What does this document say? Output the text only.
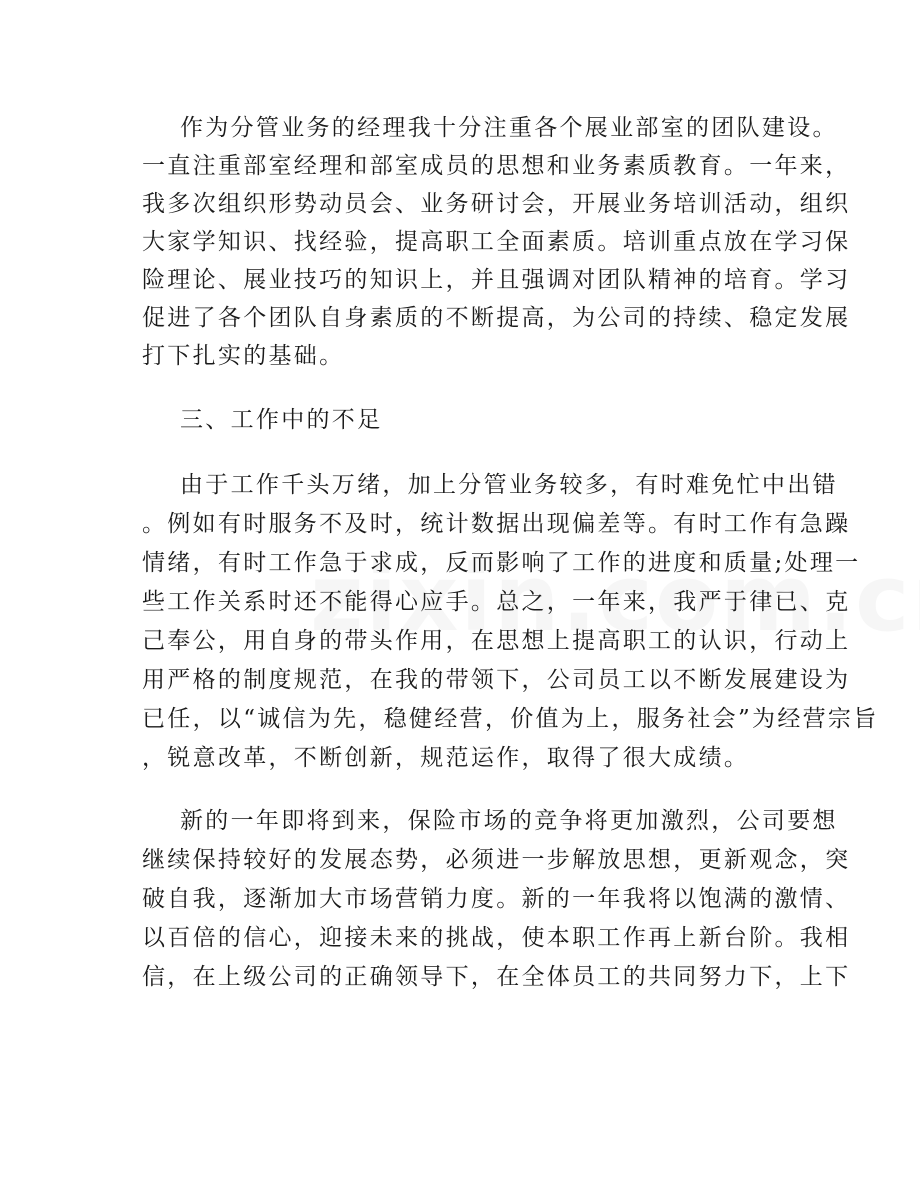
作为分管业务的经理我十分注重各个展业部室的团队建设。
一直注重部室经理和部室成员的思想和业务素质教育。一年来，
我多次组织形势动员会、业务研讨会，开展业务培训活动，组织
大家学知识、找经验，提高职工全面素质。培训重点放在学习保
险理论、展业技巧的知识上，并且强调对团队精神的培育。学习
促进了各个团队自身素质的不断提高，为公司的持续、稳定发展
打下扎实的基础。
三、工作中的不足
由于工作千头万绪，加上分管业务较多，有时难免忙中出错
。例如有时服务不及时，统计数据出现偏差等。有时工作有急躁
情绪，有时工作急于求成，反而影响了工作的进度和质量;处理一
些工作关系时还不能得心应手。总之，一年来，我严于律已、克
己奉公，用自身的带头作用，在思想上提高职工的认识，行动上
用严格的制度规范，在我的带领下，公司员工以不断发展建设为
已任，以“诚信为先，稳健经营，价值为上，服务社会”为经营宗旨
，锐意改革，不断创新，规范运作，取得了很大成绩。
新的一年即将到来，保险市场的竞争将更加激烈，公司要想
继续保持较好的发展态势，必须进一步解放思想，更新观念，突
破自我，逐渐加大市场营销力度。新的一年我将以饱满的激情、
以百倍的信心，迎接未来的挑战，使本职工作再上新台阶。我相
信，在上级公司的正确领导下，在全体员工的共同努力下，上下
